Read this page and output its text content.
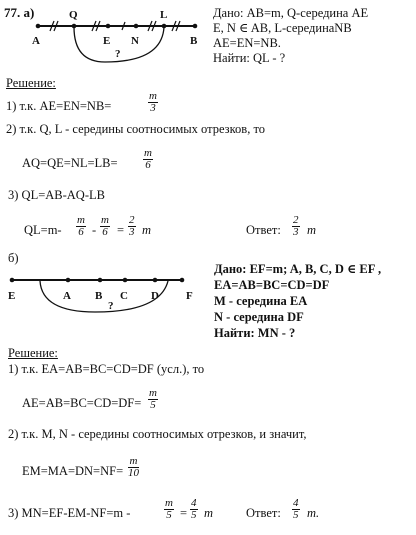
77. а)
A
Q
E N
L
B
?
Дано: AB=m, Q-середина AE
E, N ∈ AB, L-серединаNB
AE=EN=NB.
Найти: QL - ?
Решение:
1) т.к. AE=EN=NB=	$\frac{m}{3}$
2) т.к. Q, L - середины соотносимых отрезков, то
$AQ=QE=NL=LB= \frac{m}{6}$
3) QL=AB-AQ-LB
$QL=m- \frac{m}{6} - \frac{m}{6} = \frac{2}{3}$ m	Ответ: $\frac{2}{3}$ m
б)
E	A B C D F
?
Дано: EF=m; A, B, C, D ∈ EF ,
EA=AB=BC=CD=DF
M - середина EA
N - середина DF
Найти: MN - ?
Решение:
1) т.к. EA=AB=BC=CD=DF (усл.), то
$AE=AB=BC=CD=DF= \frac{m}{5}$
2) т.к. M, N - середины соотносимых отрезков, и значит,
$EM=MA=DN=NF= \frac{m}{10}$
3) MN=EF-EM-NF=m -	$\frac{m}{5} = \frac{4}{5}$ m	Ответ: $\frac{4}{5} m$.
